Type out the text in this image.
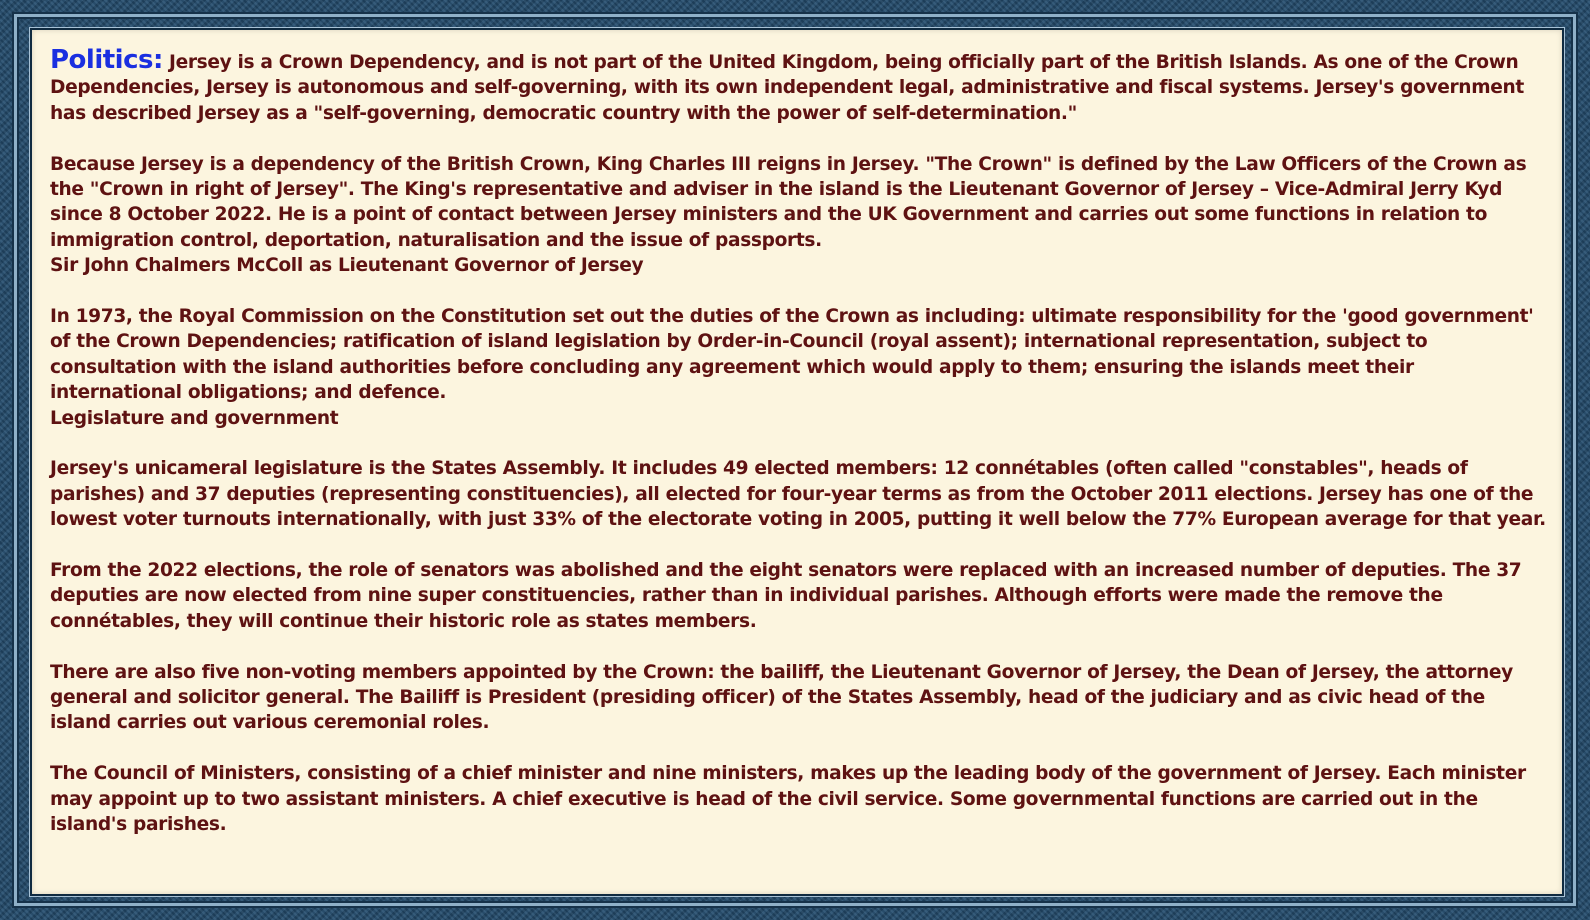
Politics: Jersey is a Crown Dependency, and is not part of the United Kingdom, being officially part of the British Islands. As one of the Crown Dependencies, Jersey is autonomous and self-governing, with its own independent legal, administrative and fiscal systems. Jersey's government has described Jersey as a "self-governing, democratic country with the power of self-determination."

Because Jersey is a dependency of the British Crown, King Charles III reigns in Jersey. "The Crown" is defined by the Law Officers of the Crown as the "Crown in right of Jersey". The King's representative and adviser in the island is the Lieutenant Governor of Jersey – Vice-Admiral Jerry Kyd since 8 October 2022. He is a point of contact between Jersey ministers and the UK Government and carries out some functions in relation to immigration control, deportation, naturalisation and the issue of passports.
Sir John Chalmers McColl as Lieutenant Governor of Jersey

In 1973, the Royal Commission on the Constitution set out the duties of the Crown as including: ultimate responsibility for the 'good government' of the Crown Dependencies; ratification of island legislation by Order-in-Council (royal assent); international representation, subject to consultation with the island authorities before concluding any agreement which would apply to them; ensuring the islands meet their international obligations; and defence.
Legislature and government

Jersey's unicameral legislature is the States Assembly. It includes 49 elected members: 12 connétables (often called "constables", heads of parishes) and 37 deputies (representing constituencies), all elected for four-year terms as from the October 2011 elections. Jersey has one of the lowest voter turnouts internationally, with just 33% of the electorate voting in 2005, putting it well below the 77% European average for that year.

From the 2022 elections, the role of senators was abolished and the eight senators were replaced with an increased number of deputies. The 37 deputies are now elected from nine super constituencies, rather than in individual parishes. Although efforts were made the remove the connétables, they will continue their historic role as states members.

There are also five non-voting members appointed by the Crown: the bailiff, the Lieutenant Governor of Jersey, the Dean of Jersey, the attorney general and solicitor general. The Bailiff is President (presiding officer) of the States Assembly, head of the judiciary and as civic head of the island carries out various ceremonial roles.

The Council of Ministers, consisting of a chief minister and nine ministers, makes up the leading body of the government of Jersey. Each minister may appoint up to two assistant ministers. A chief executive is head of the civil service. Some governmental functions are carried out in the island's parishes.
